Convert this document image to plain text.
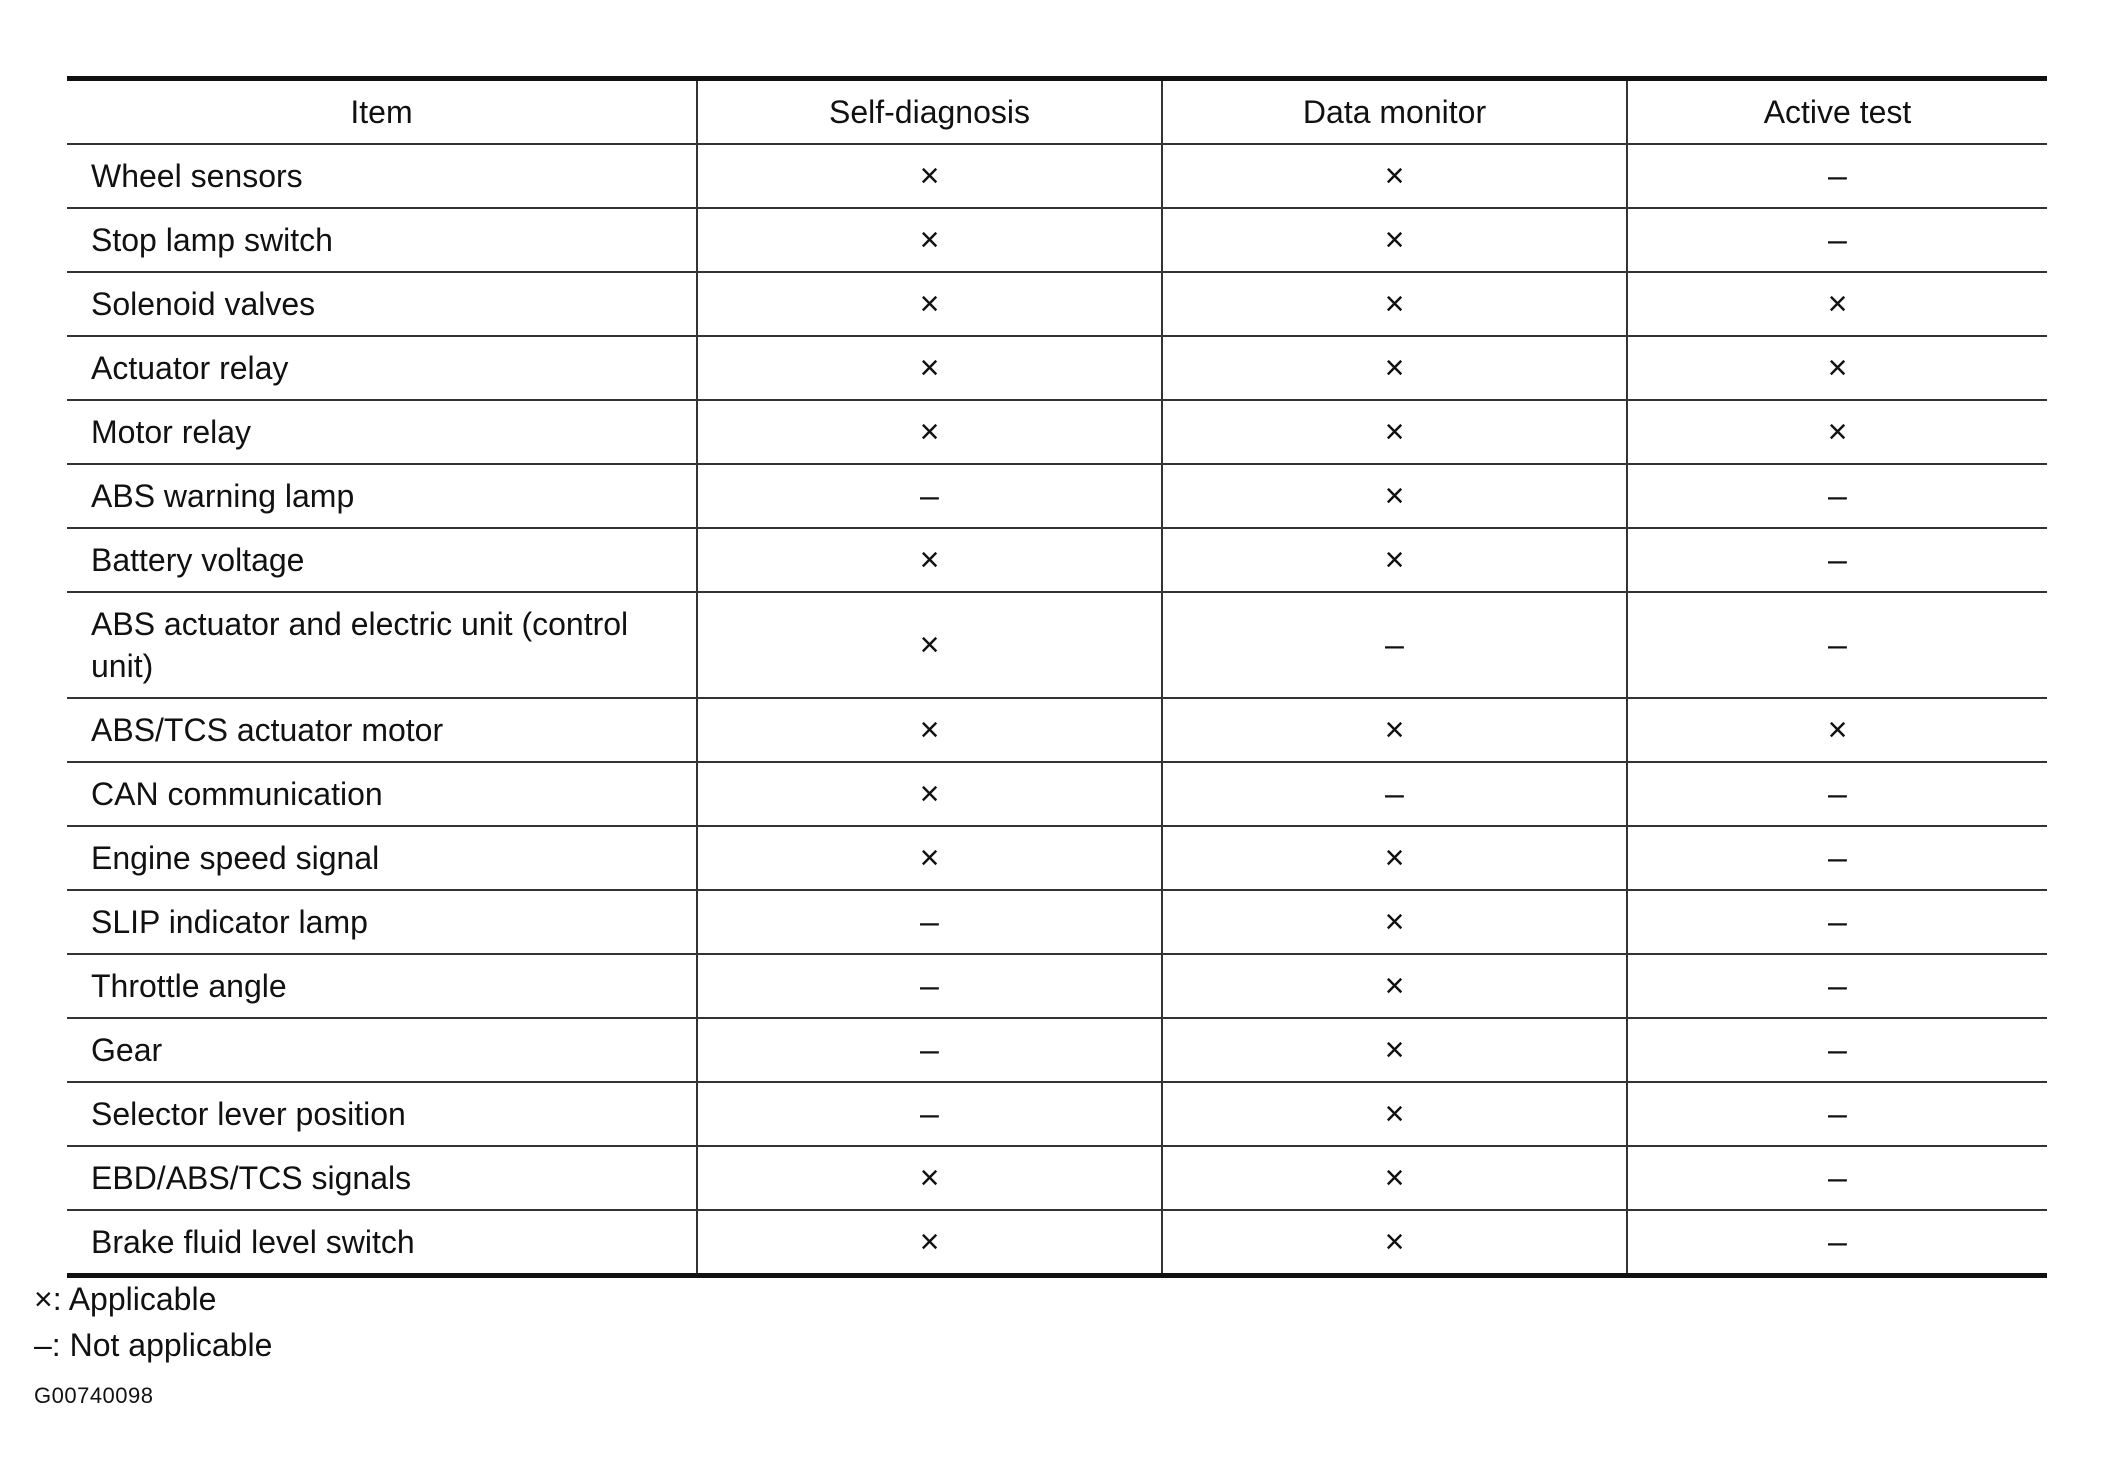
Item	Self-diagnosis	Data monitor	Active test
Wheel sensors	×	×	–
Stop lamp switch	×	×	–
Solenoid valves	×	×	×
Actuator relay	×	×	×
Motor relay	×	×	×
ABS warning lamp	–	×	–
Battery voltage	×	×	–
ABS actuator and electric unit (control unit)	×	–	–
ABS/TCS actuator motor	×	×	×
CAN communication	×	–	–
Engine speed signal	×	×	–
SLIP indicator lamp	–	×	–
Throttle angle	–	×	–
Gear	–	×	–
Selector lever position	–	×	–
EBD/ABS/TCS signals	×	×	–
Brake fluid level switch	×	×	–
×: Applicable
–: Not applicable
G00740098
